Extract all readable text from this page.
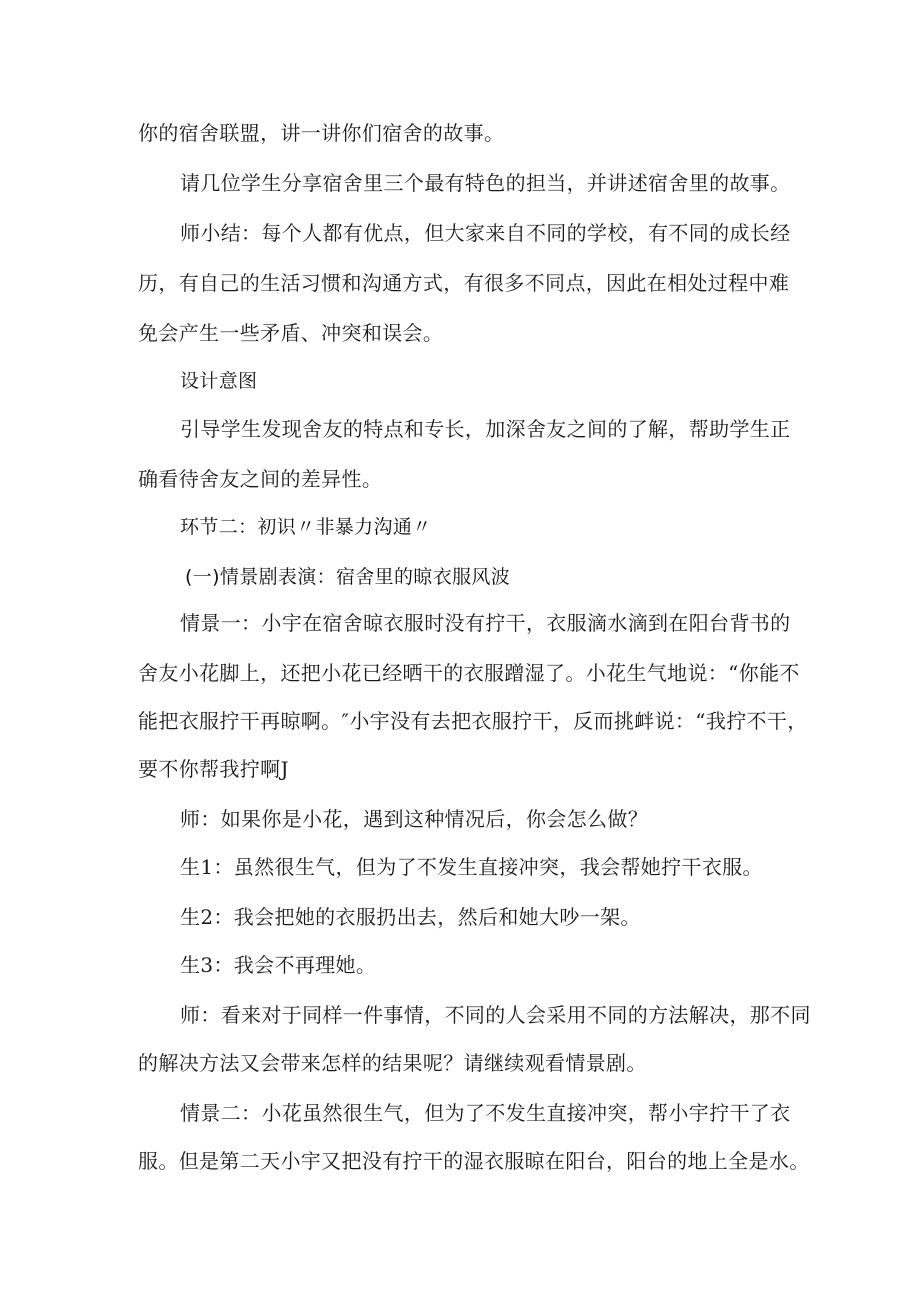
你的宿舍联盟，讲一讲你们宿舍的故事。

请几位学生分享宿舍里三个最有特色的担当，并讲述宿舍里的故事。

师小结：每个人都有优点，但大家来自不同的学校，有不同的成长经

历，有自己的生活习惯和沟通方式，有很多不同点，因此在相处过程中难

免会产生一些矛盾、冲突和误会。

设计意图

引导学生发现舍友的特点和专长，加深舍友之间的了解，帮助学生正

确看待舍友之间的差异性。

环节二：初识〃非暴力沟通〃

(一)情景剧表演：宿舍里的晾衣服风波

情景一：小宇在宿舍晾衣服时没有拧干，衣服滴水滴到在阳台背书的

舍友小花脚上，还把小花已经晒干的衣服蹭湿了。小花生气地说：“你能不

能把衣服拧干再晾啊。″小宇没有去把衣服拧干，反而挑衅说：“我拧不干，

要不你帮我拧啊J

师：如果你是小花，遇到这种情况后，你会怎么做？

生1：虽然很生气，但为了不发生直接冲突，我会帮她拧干衣服。

生2：我会把她的衣服扔出去，然后和她大吵一架。

生3：我会不再理她。

师：看来对于同样一件事情，不同的人会采用不同的方法解决，那不同

的解决方法又会带来怎样的结果呢？请继续观看情景剧。

情景二：小花虽然很生气，但为了不发生直接冲突，帮小宇拧干了衣

服。但是第二天小宇又把没有拧干的湿衣服晾在阳台，阳台的地上全是水。
